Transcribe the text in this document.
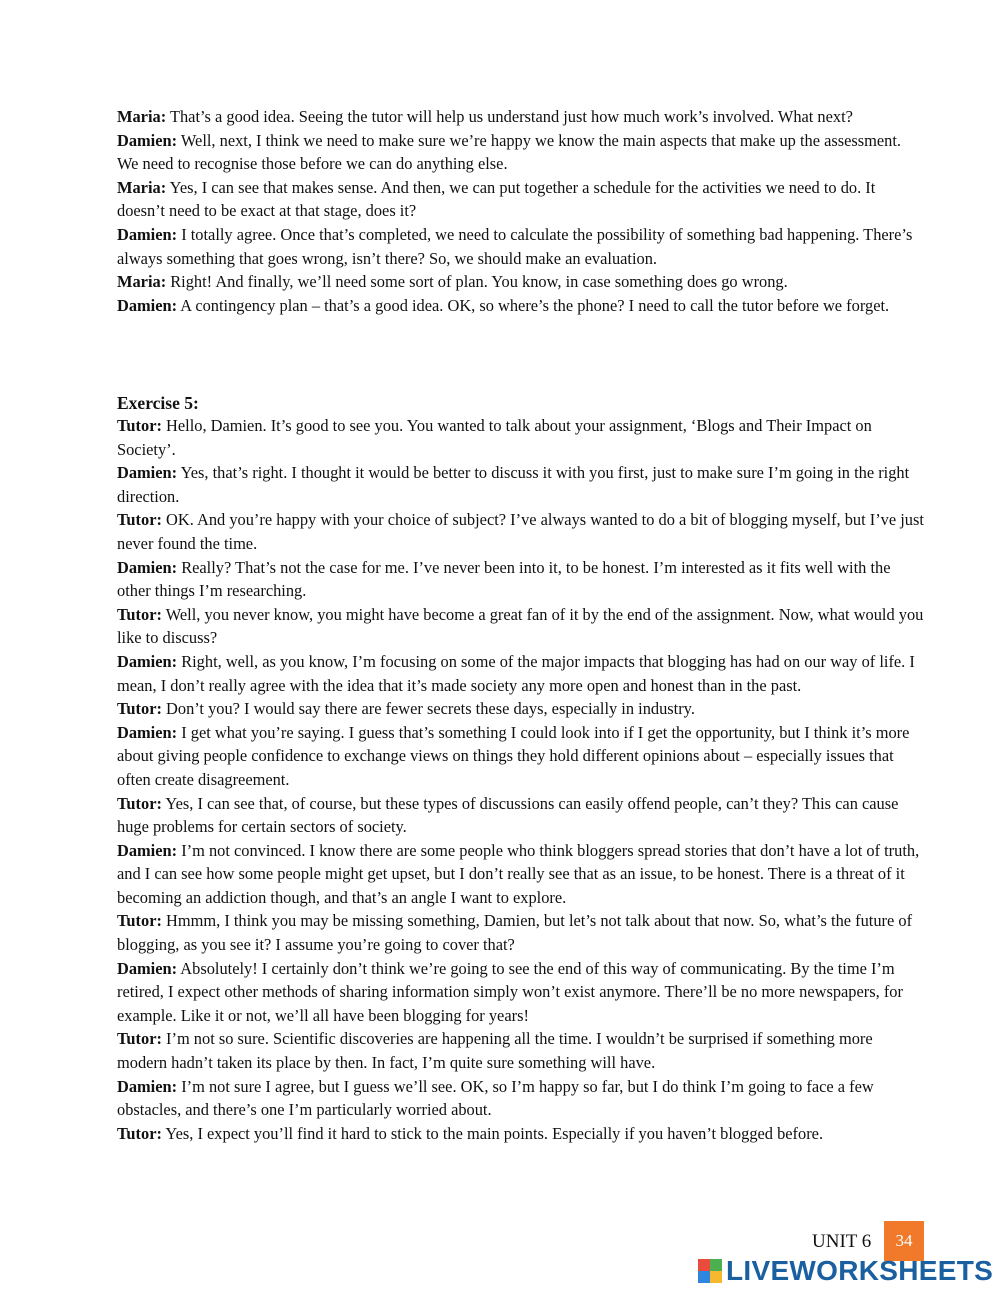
Maria: That’s a good idea. Seeing the tutor will help us understand just how much work’s involved. What next?

Damien: Well, next, I think we need to make sure we’re happy we know the main aspects that make up the assessment. We need to recognise those before we can do anything else.

Maria: Yes, I can see that makes sense. And then, we can put together a schedule for the activities we need to do. It doesn’t need to be exact at that stage, does it?

Damien: I totally agree. Once that’s completed, we need to calculate the possibility of something bad happening. There’s always something that goes wrong, isn’t there? So, we should make an evaluation.

Maria: Right! And finally, we’ll need some sort of plan. You know, in case something does go wrong.

Damien: A contingency plan – that’s a good idea. OK, so where’s the phone? I need to call the tutor before we forget.

Exercise 5:

Tutor: Hello, Damien. It’s good to see you. You wanted to talk about your assignment, ‘Blogs and Their Impact on Society’.

Damien: Yes, that’s right. I thought it would be better to discuss it with you first, just to make sure I’m going in the right direction.

Tutor: OK. And you’re happy with your choice of subject? I’ve always wanted to do a bit of blogging myself, but I’ve just never found the time.

Damien: Really? That’s not the case for me. I’ve never been into it, to be honest. I’m interested as it fits well with the other things I’m researching.

Tutor: Well, you never know, you might have become a great fan of it by the end of the assignment. Now, what would you like to discuss?

Damien: Right, well, as you know, I’m focusing on some of the major impacts that blogging has had on our way of life. I mean, I don’t really agree with the idea that it’s made society any more open and honest than in the past.

Tutor: Don’t you? I would say there are fewer secrets these days, especially in industry.

Damien: I get what you’re saying. I guess that’s something I could look into if I get the opportunity, but I think it’s more about giving people confidence to exchange views on things they hold different opinions about – especially issues that often create disagreement.

Tutor: Yes, I can see that, of course, but these types of discussions can easily offend people, can’t they? This can cause huge problems for certain sectors of society.

Damien: I’m not convinced. I know there are some people who think bloggers spread stories that don’t have a lot of truth, and I can see how some people might get upset, but I don’t really see that as an issue, to be honest. There is a threat of it becoming an addiction though, and that’s an angle I want to explore.

Tutor: Hmmm, I think you may be missing something, Damien, but let’s not talk about that now. So, what’s the future of blogging, as you see it? I assume you’re going to cover that?

Damien: Absolutely! I certainly don’t think we’re going to see the end of this way of communicating. By the time I’m retired, I expect other methods of sharing information simply won’t exist anymore. There’ll be no more newspapers, for example. Like it or not, we’ll all have been blogging for years!

Tutor: I’m not so sure. Scientific discoveries are happening all the time. I wouldn’t be surprised if something more modern hadn’t taken its place by then. In fact, I’m quite sure something will have.

Damien: I’m not sure I agree, but I guess we’ll see. OK, so I’m happy so far, but I do think I’m going to face a few obstacles, and there’s one I’m particularly worried about.

Tutor: Yes, I expect you’ll find it hard to stick to the main points. Especially if you haven’t blogged before.

UNIT 6	34
LIVEWORKSHEETS
